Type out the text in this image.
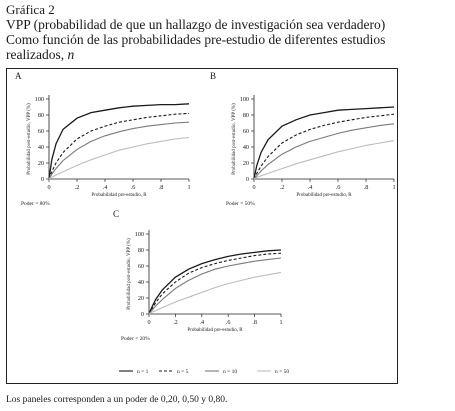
Gráfica 2
VPP (probabilidad de que un hallazgo de investigación sea verdadero)
Como función de las probabilidades pre-estudio de diferentes estudios
realizados, n
A
0
20
40
60
80
100
0	.2	.4	.6	.8	1
Probabilidad pre-estudio, R
Probabilidad post-estudio, VPP (%)
Poder = 80%
B
0
20
40
60
80
100
0	.2	.4	.6	.8	1
Probabilidad pre-estudio, R
Probabilidad post-estudio, VPP (%)
Poder = 50%
C
0
20
40
60
80
100
0	.2	.4	.6	.8	1
Probabilidad pre-estudio, R
Probabilidad post-estudio, VPP (%)
Poder = 20%
n = 1	n = 5	n = 10	n = 50
Los paneles corresponden a un poder de 0,20, 0,50 y 0,80.
